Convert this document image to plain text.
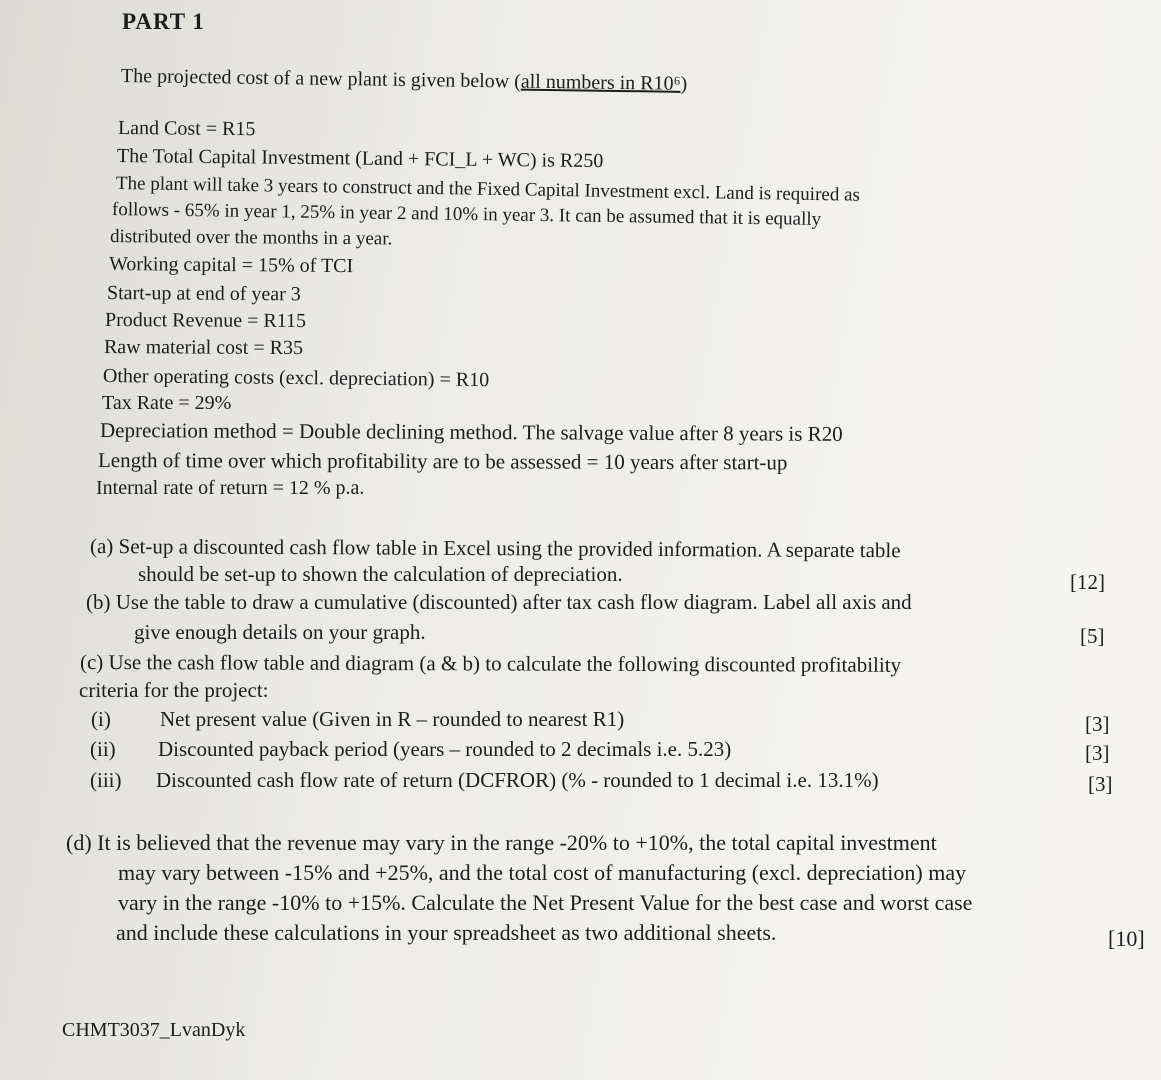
PART 1
The projected cost of a new plant is given below (all numbers in R10⁶)
Land Cost = R15
The Total Capital Investment (Land + FCI_L + WC) is R250
The plant will take 3 years to construct and the Fixed Capital Investment excl. Land is required as
follows - 65% in year 1, 25% in year 2 and 10% in year 3. It can be assumed that it is equally
distributed over the months in a year.
Working capital = 15% of TCI
Start-up at end of year 3
Product Revenue = R115
Raw material cost = R35
Other operating costs (excl. depreciation) = R10
Tax Rate = 29%
Depreciation method = Double declining method. The salvage value after 8 years is R20
Length of time over which profitability are to be assessed = 10 years after start-up
Internal rate of return = 12 % p.a.
(a) Set-up a discounted cash flow table in Excel using the provided information. A separate table
should be set-up to shown the calculation of depreciation.	[12]
(b) Use the table to draw a cumulative (discounted) after tax cash flow diagram. Label all axis and
give enough details on your graph.	[5]
(c) Use the cash flow table and diagram (a & b) to calculate the following discounted profitability
criteria for the project:
(i) Net present value (Given in R – rounded to nearest R1)	[3]
(ii) Discounted payback period (years – rounded to 2 decimals i.e. 5.23)	[3]
(iii) Discounted cash flow rate of return (DCFROR) (% - rounded to 1 decimal i.e. 13.1%)	[3]
(d) It is believed that the revenue may vary in the range -20% to +10%, the total capital investment
may vary between -15% and +25%, and the total cost of manufacturing (excl. depreciation) may
vary in the range -10% to +15%. Calculate the Net Present Value for the best case and worst case
and include these calculations in your spreadsheet as two additional sheets.	[10]
CHMT3037_LvanDyk
